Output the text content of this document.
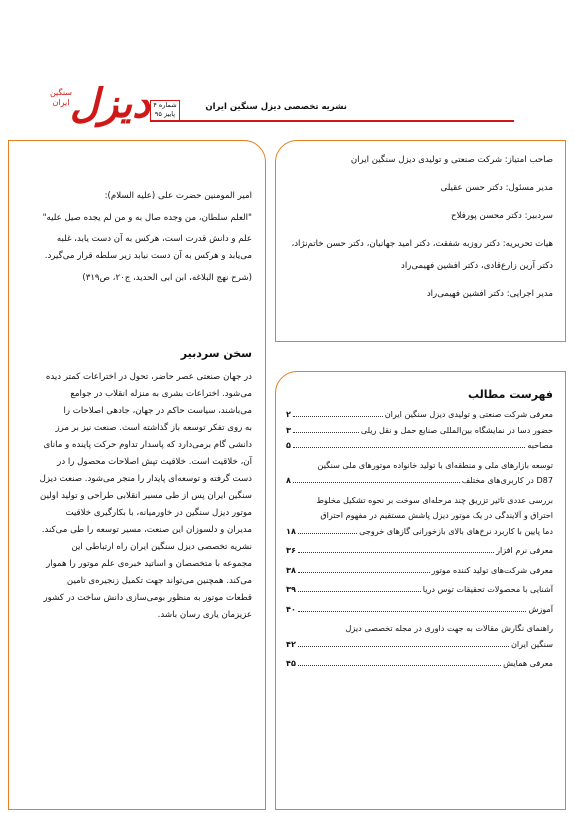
دیزل
سنگین ایران	شماره ۴
پاییز ۹۵
نشریه تخصصی دیزل سنگین ایران
صاحب امتیاز: شرکت صنعتی و تولیدی دیزل سنگین ایران
مدیر مسئول: دکتر حسن عقیلی
سردبیر: دکتر محسن پورفلاح
هیات تحریریه: دکتر روزبه شفقت، دکتر امید جهانیان، دکتر حسن خاتم‌نژاد،
دکتر آرین زارع‌قادی، دکتر افشین فهیمی‌راد
مدیر اجرایی: دکتر افشین فهیمی‌راد
امیر المومنین حضرت علی (علیه السلام):
"العلم سلطان، من وجده صال به و من لم یجده صیل علیه"
علم و دانش قدرت است، هرکس به آن دست یابد، غلبه
می‌یابد و هرکس به آن دست نیابد زیر سلطه قرار می‌گیرد.
(شرح نهج البلاغه، ابن ابی الحدید، ج۲۰، ص۳۱۹)
سخن سردبیر
در جهان صنعتی عصر حاضر، تحول در اختراعات کمتر دیده
می‌شود. اختراعات بشری به منزله انقلاب در جوامع
می‌باشند، سیاست حاکم در جهان، جادهی اصلاحات را
به روی تفکر توسعه باز گذاشته است. صنعت نیز بر مرز
دانشی گام برمی‌دارد که پاسدار تداوم حرکت پاینده و مانای
آن، خلاقیت است. خلاقیت تپش اصلاحات محصول را در
دست گرفته و توسعه‌ای پایدار را منجر می‌شود. صنعت دیزل
سنگین ایران پس از طی مسیر انقلابی طراحی و تولید اولین
موتور دیزل سنگین در خاورمیانه، با بکارگیری خلاقیت
مدیران و دلسوزان این صنعت، مسیر توسعه را طی می‌کند.
نشریه تخصصی دیزل سنگین ایران راه ارتباطی این
مجموعه با متخصصان و اساتید خبره‌ی علم موتور را هموار
می‌کند. همچنین می‌تواند جهت تکمیل زنجیره‌ی تامین
قطعات موتور به منظور بومی‌سازی دانش ساخت در کشور
عزیزمان یاری رسان باشد.
فهرست مطالب
معرفی شرکت صنعتی و تولیدی دیزل سنگین ایران
۲
حضور دسا در نمایشگاه بین‌المللی صنایع حمل و نقل ریلی
۳
مصاحبه
۵
توسعه بازارهای ملی و منطقه‌ای با تولید خانواده موتورهای ملی سنگین
D87 در کاربری‌های مختلف
۸
بررسی عددی تاثیر تزریق چند مرحله‌ای سوخت بر نحوه تشکیل مخلوط
احتراق و آلایندگی در یک موتور دیزل پاشش مستقیم در مفهوم احتراق
دما پایین با کاربرد نرخ‌های بالای بازخورانی گازهای خروجی
۱۸
معرفی نرم افزار
۳۶
معرفی شرکت‌های تولید کننده موتور
۳۸
آشنایی با محصولات تحقیقات توس دریا
۳۹
آموزش
۴۰
راهنمای نگارش مقالات به جهت داوری در مجله تخصصی دیزل
سنگین ایران
۴۲
معرفی همایش
۴۵
